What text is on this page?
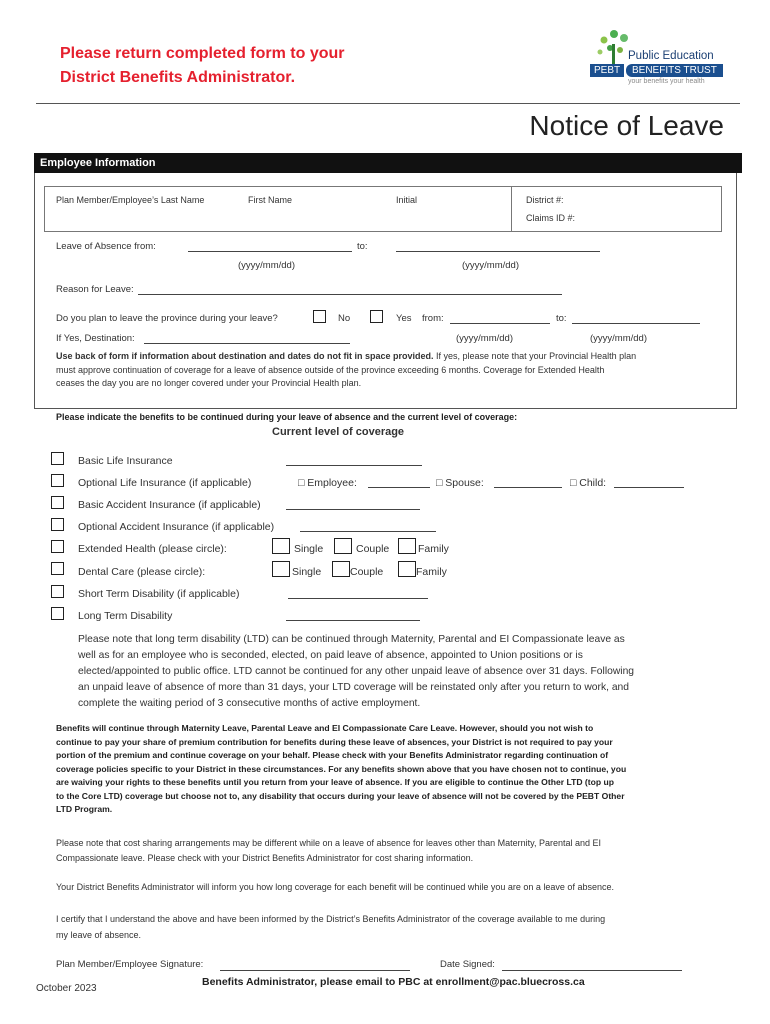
Please return completed form to your
District Benefits Administrator.
Public Education
PEBT	BENEFITS TRUST
your benefits your health
Notice of Leave
Employee Information
Plan Member/Employee’s Last Name	First Name	Initial	District #:
Claims ID #:
Leave of Absence from:	to:
(yyyy/mm/dd)	(yyyy/mm/dd)
Reason for Leave:
Do you plan to leave the province during your leave?	No	Yes from:	to:
If Yes, Destination:	(yyyy/mm/dd)	(yyyy/mm/dd)
Use back of form if information about destination and dates do not fit in space provided. If yes, please note that your Provincial Health plan
must approve continuation of coverage for a leave of absence outside of the province exceeding 6 months. Coverage for Extended Health
ceases the day you are no longer covered under your Provincial Health plan.
Please indicate the benefits to be continued during your leave of absence and the current level of coverage:
Current level of coverage
Basic Life Insurance
Optional Life Insurance (if applicable)	□ Employee:	□ Spouse:	□ Child:
Basic Accident Insurance (if applicable)
Optional Accident Insurance (if applicable)
Extended Health (please circle):	Single	Couple	Family
Dental Care (please circle):	Single	Couple	Family
Short Term Disability (if applicable)
Long Term Disability
Please note that long term disability (LTD) can be continued through Maternity, Parental and EI Compassionate leave as
well as for an employee who is seconded, elected, on paid leave of absence, appointed to Union positions or is
elected/appointed to public office. LTD cannot be continued for any other unpaid leave of absence over 31 days. Following
an unpaid leave of absence of more than 31 days, your LTD coverage will be reinstated only after you return to work, and
complete the waiting period of 3 consecutive months of active employment.
Benefits will continue through Maternity Leave, Parental Leave and EI Compassionate Care Leave. However, should you not wish to
continue to pay your share of premium contribution for benefits during these leave of absences, your District is not required to pay your
portion of the premium and continue coverage on your behalf. Please check with your Benefits Administrator regarding continuation of
coverage policies specific to your District in these circumstances. For any benefits shown above that you have chosen not to continue, you
are waiving your rights to these benefits until you return from your leave of absence. If you are eligible to continue the Other LTD (top up
to the Core LTD) coverage but choose not to, any disability that occurs during your leave of absence will not be covered by the PEBT Other
LTD Program.
Please note that cost sharing arrangements may be different while on a leave of absence for leaves other than Maternity, Parental and EI
Compassionate leave. Please check with your District Benefits Administrator for cost sharing information.
Your District Benefits Administrator will inform you how long coverage for each benefit will be continued while you are on a leave of absence.
I certify that I understand the above and have been informed by the District’s Benefits Administrator of the coverage available to me during
my leave of absence.
Plan Member/Employee Signature:	Date Signed:
October 2023
Benefits Administrator, please email to PBC at enrollment@pac.bluecross.ca
